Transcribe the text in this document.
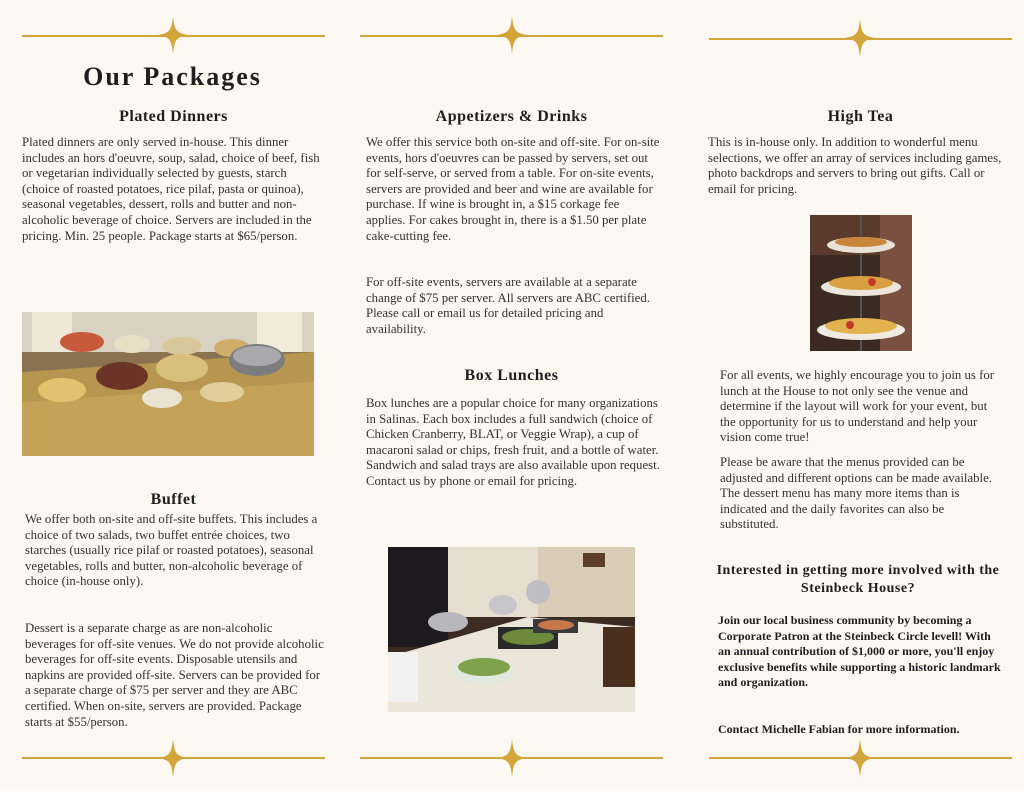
Our Packages
Plated Dinners

Plated dinners are only served in-house. This dinner includes an hors d'oeuvre, soup, salad, choice of beef, fish or vegetarian individually selected by guests, starch (choice of roasted potatoes, rice pilaf, pasta or quinoa), seasonal vegetables, dessert, rolls and butter and non-alcoholic beverage of choice. Servers are included in the pricing. Min. 25 people. Package starts at $65/person.

Buffet

We offer both on-site and off-site buffets. This includes a choice of two salads, two buffet entrée choices, two starches (usually rice pilaf or roasted potatoes), seasonal vegetables, rolls and butter, non-alcoholic beverage of choice (in-house only).

Dessert is a separate charge as are non-alcoholic beverages for off-site venues. We do not provide alcoholic beverages for off-site events. Disposable utensils and napkins are provided off-site. Servers can be provided for a separate charge of $75 per server and they are ABC certified. When on-site, servers are provided. Package starts at $55/person.

Appetizers & Drinks

We offer this service both on-site and off-site. For on-site events, hors d'oeuvres can be passed by servers, set out for self-serve, or served from a table. For on-site events, servers are provided and beer and wine are available for purchase. If wine is brought in, a $15 corkage fee applies. For cakes brought in, there is a $1.50 per plate cake-cutting fee.

For off-site events, servers are available at a separate change of $75 per server. All servers are ABC certified. Please call or email us for detailed pricing and availability.

Box Lunches

Box lunches are a popular choice for many organizations in Salinas. Each box includes a full sandwich (choice of Chicken Cranberry, BLAT, or Veggie Wrap), a cup of macaroni salad or chips, fresh fruit, and a bottle of water. Sandwich and salad trays are also available upon request. Contact us by phone or email for pricing.

High Tea

This is in-house only. In addition to wonderful menu selections, we offer an array of services including games, photo backdrops and servers to bring out gifts. Call or email for pricing.

For all events, we highly encourage you to join us for lunch at the House to not only see the venue and determine if the layout will work for your event, but the opportunity for us to understand and help your vision come true!

Please be aware that the menus provided can be adjusted and different options can be made available. The dessert menu has many more items than is indicated and the daily favorites can also be substituted.

Interested in getting more involved with the Steinbeck House?

Join our local business community by becoming a Corporate Patron at the Steinbeck Circle levell! With an annual contribution of $1,000 or more, you'll enjoy exclusive benefits while supporting a historic landmark and organization.

Contact Michelle Fabian for more information.
